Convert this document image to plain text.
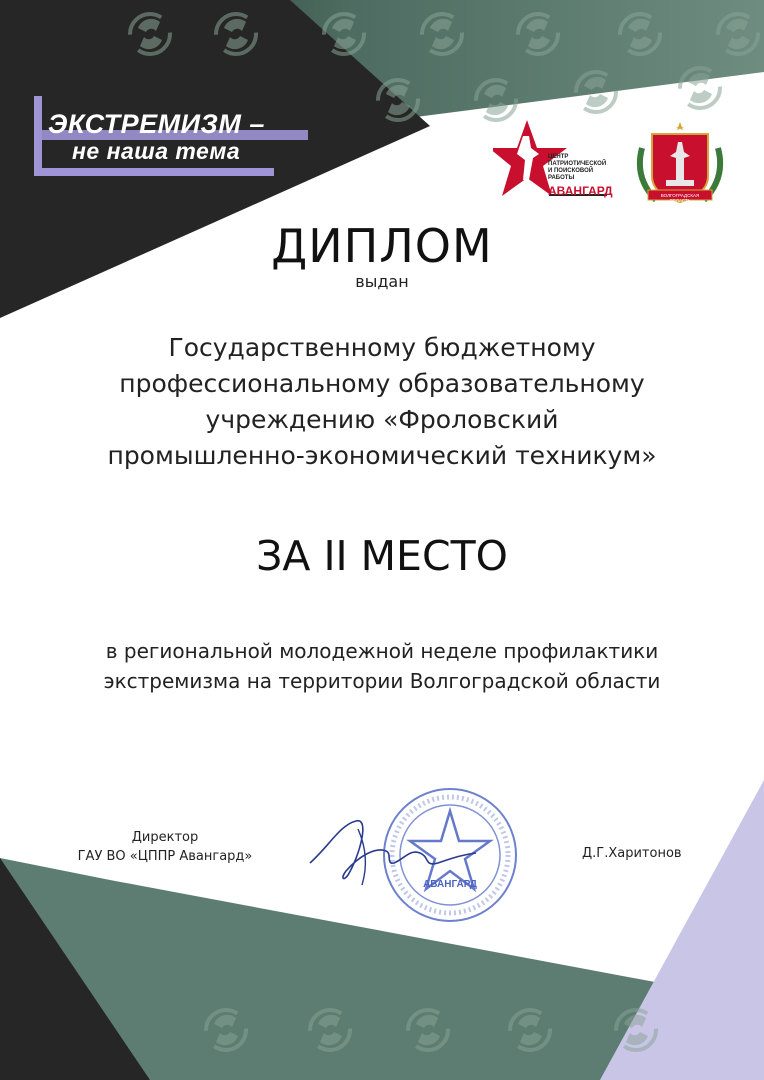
ЭКСТРЕМИЗМ –
не наша тема	ЦЕНТР ПАТРИОТИЧЕСКОЙ И ПОИСКОВОЙ РАБОТЫ
АВАНГАРД	ВОЛГОГРАДСКАЯ ОБЛАСТЬ
ДИПЛОМ
выдан
Государственному бюджетному
профессиональному образовательному
учреждению «Фроловский
промышленно-экономический техникум»
ЗА II МЕСТО
в региональной молодежной неделе профилактики
экстремизма на территории Волгоградской области
Директор
ГАУ ВО «ЦППР Авангард»
АВАНГАРД
Д.Г.Харитонов
